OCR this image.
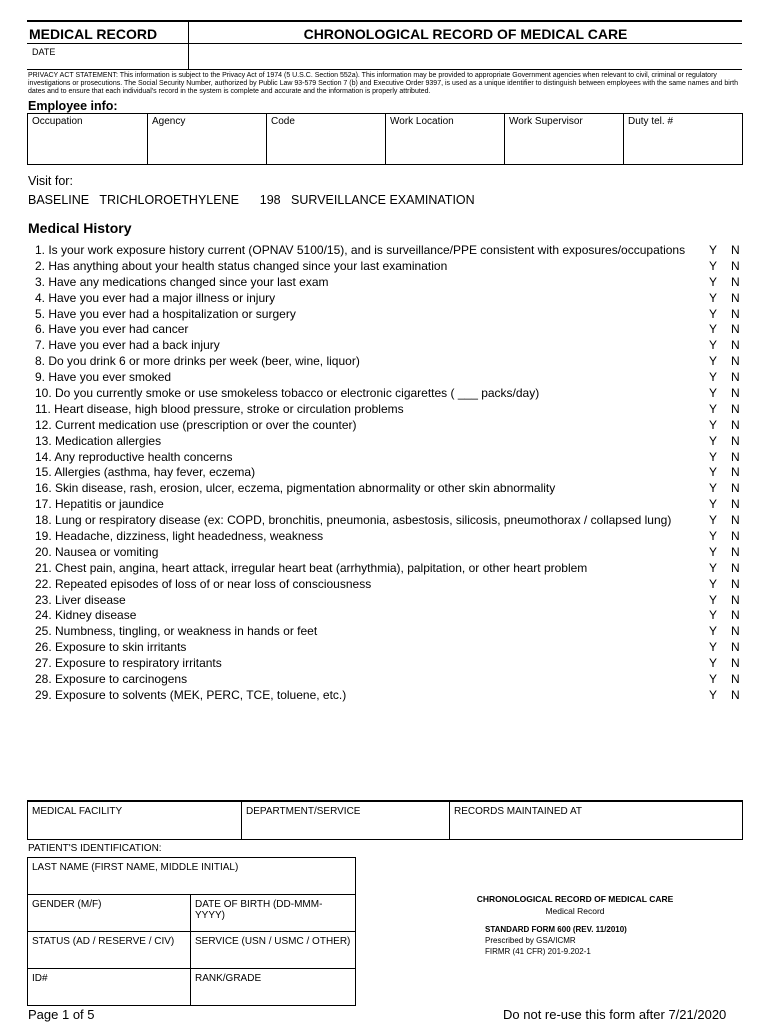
MEDICAL RECORD	CHRONOLOGICAL RECORD OF MEDICAL CARE
DATE
PRIVACY ACT STATEMENT: This information is subject to the Privacy Act of 1974 (5 U.S.C. Section 552a). This information may be provided to appropriate Government agencies when relevant to civil, criminal or regulatory investigations or prosecutions. The Social Security Number, authorized by Public Law 93-579 Section 7 (b) and Executive Order 9397, is used as a unique identifier to distinguish between employees with the same names and birth dates and to ensure that each individual's record in the system is complete and accurate and the information is properly attributed.
Employee info:
Occupation	Agency	Code	Work Location	Work Supervisor	Duty tel. #
Visit for:
BASELINE   TRICHLOROETHYLENE      198   SURVEILLANCE EXAMINATION
Medical History
1. Is your work exposure history current (OPNAV 5100/15), and is surveillance/PPE consistent with exposures/occupations Y N
2. Has anything about your health status changed since your last examination	Y N
3. Have any medications changed since your last exam	Y N
4. Have you ever had a major illness or injury	Y N
5. Have you ever had a hospitalization or surgery	Y N
6. Have you ever had cancer	Y N
7. Have you ever had a back injury	Y N
8. Do you drink 6 or more drinks per week (beer, wine, liquor)	Y N
9. Have you ever smoked	Y N
10. Do you currently smoke or use smokeless tobacco or electronic cigarettes ( ___ packs/day)	Y N
11. Heart disease, high blood pressure, stroke or circulation problems	Y N
12. Current medication use (prescription or over the counter)	Y N
13. Medication allergies	Y N
14. Any reproductive health concerns	Y N
15. Allergies (asthma, hay fever, eczema)	Y N
16. Skin disease, rash, erosion, ulcer, eczema, pigmentation abnormality or other skin abnormality	Y N
17. Hepatitis or jaundice	Y N
18. Lung or respiratory disease (ex: COPD, bronchitis, pneumonia, asbestosis, silicosis, pneumothorax / collapsed lung)	Y N
19. Headache, dizziness, light headedness, weakness	Y N
20. Nausea or vomiting	Y N
21. Chest pain, angina, heart attack, irregular heart beat (arrhythmia), palpitation, or other heart problem	Y N
22. Repeated episodes of loss of or near loss of consciousness	Y N
23. Liver disease	Y N
24. Kidney disease	Y N
25. Numbness, tingling, or weakness in hands or feet	Y N
26. Exposure to skin irritants	Y N
27. Exposure to respiratory irritants	Y N
28. Exposure to carcinogens	Y N
29. Exposure to solvents (MEK, PERC, TCE, toluene, etc.)	Y N
MEDICAL FACILITY	DEPARTMENT/SERVICE	RECORDS MAINTAINED AT
PATIENT'S IDENTIFICATION:
LAST NAME (FIRST NAME, MIDDLE INITIAL)	
GENDER (M/F)	DATE OF BIRTH (DD-MMM-YYYY)
STATUS (AD / RESERVE / CIV)	SERVICE (USN / USMC / OTHER)
ID#	RANK/GRADE
CHRONOLOGICAL RECORD OF MEDICAL CARE
Medical Record
STANDARD FORM 600 (REV. 11/2010)
Prescribed by GSA/ICMR
FIRMR (41 CFR) 201-9.202-1
Page 1 of 5	Do not re-use this form after 7/21/2020
